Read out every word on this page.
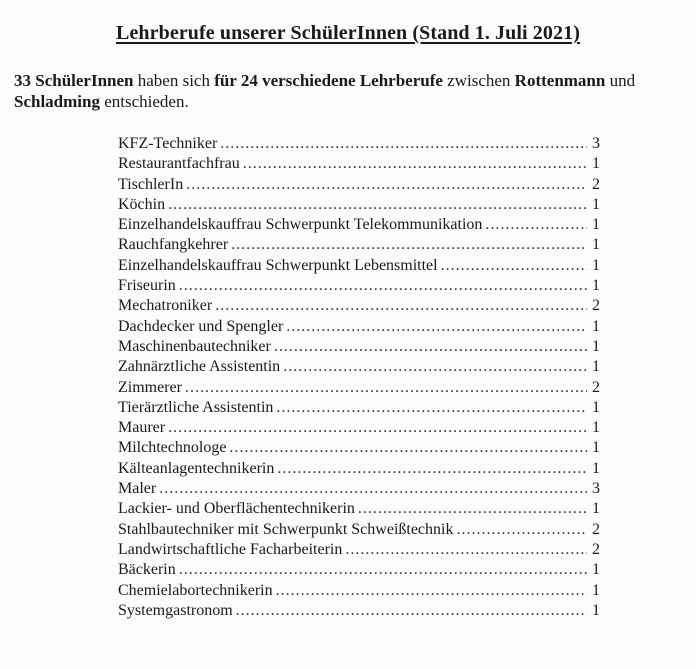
Lehrberufe unserer SchülerInnen (Stand 1. Juli 2021)
33 SchülerInnen haben sich für 24 verschiedene Lehrberufe zwischen Rottenmann und Schladming entschieden.
KFZ-Techniker .....	3
Restaurantfachfrau .....	1
TischlerIn .....	2
Köchin .....	1
Einzelhandelskauffrau Schwerpunkt Telekommunikation .....	1
Rauchfangkehrer .....	1
Einzelhandelskauffrau Schwerpunkt Lebensmittel .....	1
Friseurin .....	1
Mechatroniker .....	2
Dachdecker und Spengler .....	1
Maschinenbautechniker .....	1
Zahnärztliche Assistentin .....	1
Zimmerer .....	2
Tierärztliche Assistentin .....	1
Maurer .....	1
Milchtechnologe .....	1
Kälteanlagentechnikerin .....	1
Maler .....	3
Lackier- und Oberflächentechnikerin .....	1
Stahlbautechniker mit Schwerpunkt Schweißtechnik .....	2
Landwirtschaftliche Facharbeiterin .....	2
Bäckerin .....	1
Chemielabortechnikerin .....	1
Systemgastronom .....	1
